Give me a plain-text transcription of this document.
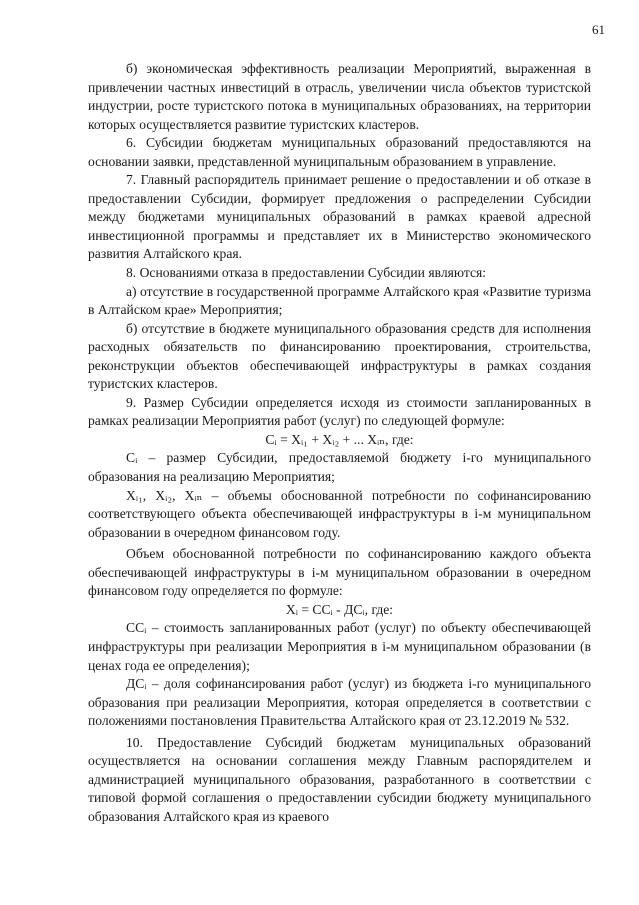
61

б) экономическая эффективность реализации Мероприятий, выраженная в привлечении частных инвестиций в отрасль, увеличении числа объектов туристской индустрии, росте туристского потока в муниципальных образованиях, на территории которых осуществляется развитие туристских кластеров.

6. Субсидии бюджетам муниципальных образований предоставляются на основании заявки, представленной муниципальным образованием в управление.

7. Главный распорядитель принимает решение о предоставлении и об отказе в предоставлении Субсидии, формирует предложения о распределении Субсидии между бюджетами муниципальных образований в рамках краевой адресной инвестиционной программы и представляет их в Министерство экономического развития Алтайского края.

8. Основаниями отказа в предоставлении Субсидии являются:

а) отсутствие в государственной программе Алтайского края «Развитие туризма в Алтайском крае» Мероприятия;

б) отсутствие в бюджете муниципального образования средств для исполнения расходных обязательств по финансированию проектирования, строительства, реконструкции объектов обеспечивающей инфраструктуры в рамках создания туристских кластеров.

9. Размер Субсидии определяется исходя из стоимости запланированных в рамках реализации Мероприятия работ (услуг) по следующей формуле:

Cᵢ = Xᵢ₁ + Xᵢ₂ + ... Xᵢₙ, где:

Cᵢ – размер Субсидии, предоставляемой бюджету i-го муниципального образования на реализацию Мероприятия;

Xᵢ₁, Xᵢ₂, Xᵢₙ – объемы обоснованной потребности по софинансированию соответствующего объекта обеспечивающей инфраструктуры в i-м муниципальном образовании в очередном финансовом году.

Объем обоснованной потребности по софинансированию каждого объекта обеспечивающей инфраструктуры в i-м муниципальном образовании в очередном финансовом году определяется по формуле:

Xᵢ = CCᵢ - ДCᵢ, где:

CCᵢ – стоимость запланированных работ (услуг) по объекту обеспечивающей инфраструктуры при реализации Мероприятия в i-м муниципальном образовании (в ценах года ее определения);

ДCᵢ – доля софинансирования работ (услуг) из бюджета i-го муниципального образования при реализации Мероприятия, которая определяется в соответствии с положениями постановления Правительства Алтайского края от 23.12.2019 № 532.

10. Предоставление Субсидий бюджетам муниципальных образований осуществляется на основании соглашения между Главным распорядителем и администрацией муниципального образования, разработанного в соответствии с типовой формой соглашения о предоставлении субсидии бюджету муниципального образования Алтайского края из краевого
